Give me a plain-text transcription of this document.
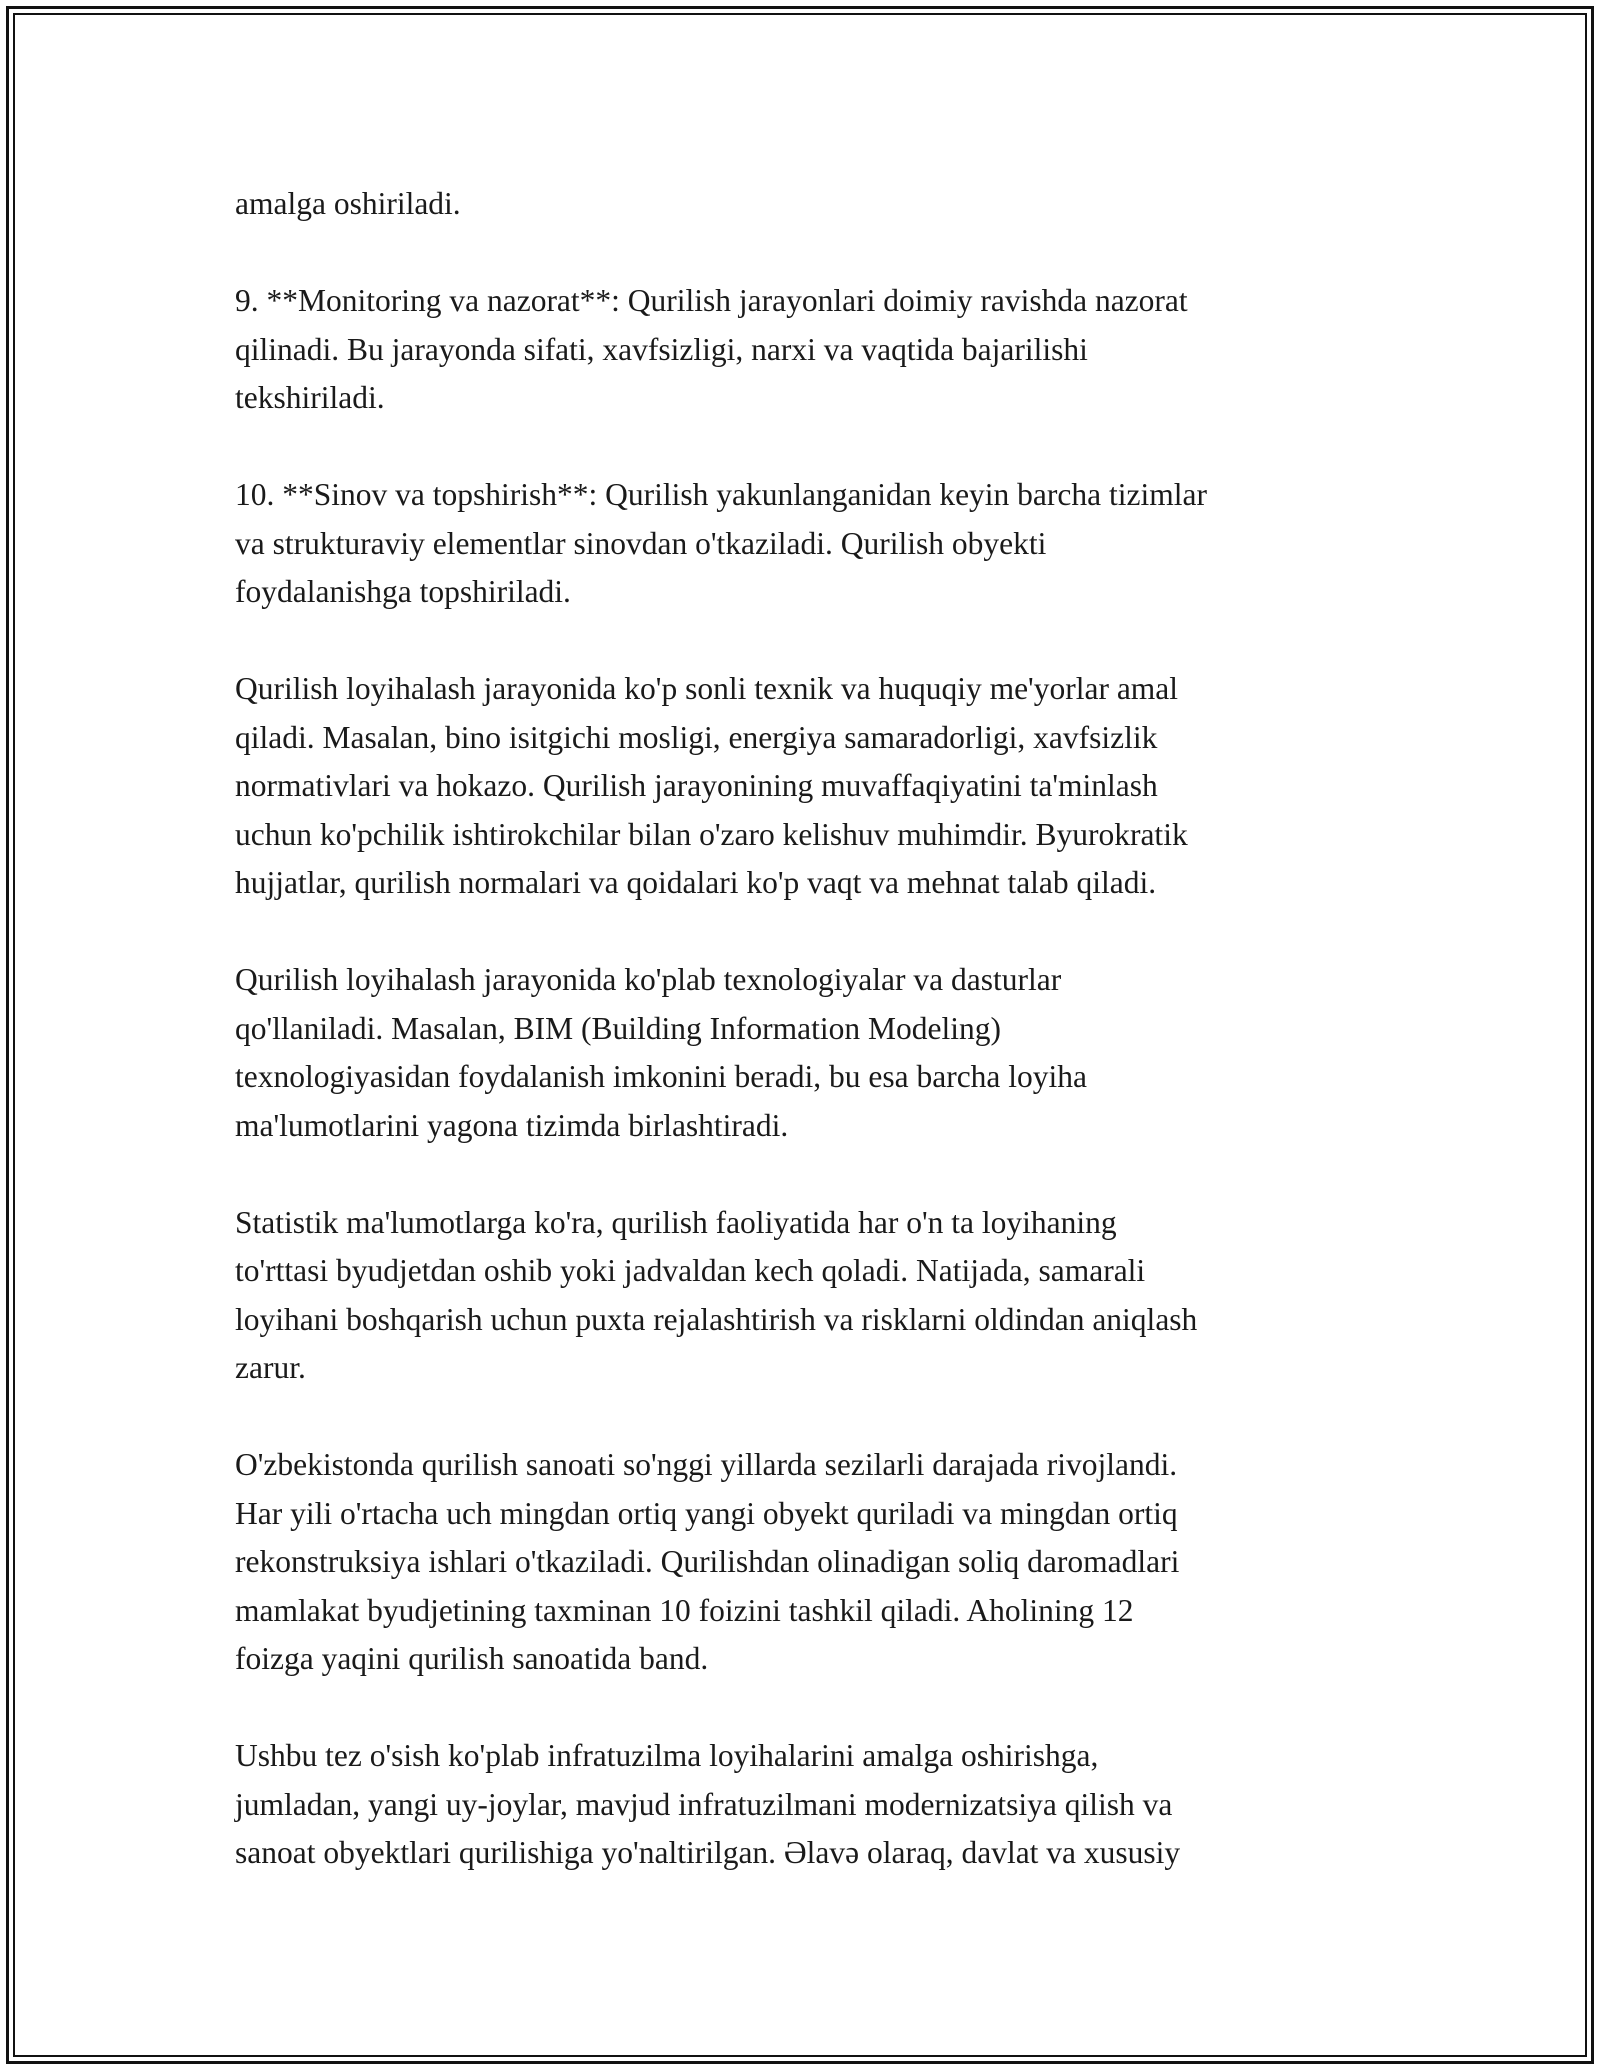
amalga oshiriladi.

9. **Monitoring va nazorat**: Qurilish jarayonlari doimiy ravishda nazorat
qilinadi. Bu jarayonda sifati, xavfsizligi, narxi va vaqtida bajarilishi
tekshiriladi.

10. **Sinov va topshirish**: Qurilish yakunlanganidan keyin barcha tizimlar
va strukturaviy elementlar sinovdan o'tkaziladi. Qurilish obyekti
foydalanishga topshiriladi.

Qurilish loyihalash jarayonida ko'p sonli texnik va huquqiy me'yorlar amal
qiladi. Masalan, bino isitgichi mosligi, energiya samaradorligi, xavfsizlik
normativlari va hokazo. Qurilish jarayonining muvaffaqiyatini ta'minlash
uchun ko'pchilik ishtirokchilar bilan o'zaro kelishuv muhimdir. Byurokratik
hujjatlar, qurilish normalari va qoidalari ko'p vaqt va mehnat talab qiladi.

Qurilish loyihalash jarayonida ko'plab texnologiyalar va dasturlar
qo'llaniladi. Masalan, BIM (Building Information Modeling)
texnologiyasidan foydalanish imkonini beradi, bu esa barcha loyiha
ma'lumotlarini yagona tizimda birlashtiradi.

Statistik ma'lumotlarga ko'ra, qurilish faoliyatida har o'n ta loyihaning
to'rttasi byudjetdan oshib yoki jadvaldan kech qoladi. Natijada, samarali
loyihani boshqarish uchun puxta rejalashtirish va risklarni oldindan aniqlash
zarur.

O'zbekistonda qurilish sanoati so'nggi yillarda sezilarli darajada rivojlandi.
Har yili o'rtacha uch mingdan ortiq yangi obyekt quriladi va mingdan ortiq
rekonstruksiya ishlari o'tkaziladi. Qurilishdan olinadigan soliq daromadlari
mamlakat byudjetining taxminan 10 foizini tashkil qiladi. Aholining 12
foizga yaqini qurilish sanoatida band.

Ushbu tez o'sish ko'plab infratuzilma loyihalarini amalga oshirishga,
jumladan, yangi uy-joylar, mavjud infratuzilmani modernizatsiya qilish va
sanoat obyektlari qurilishiga yo'naltirilgan. Əlavə olaraq, davlat va xususiy
